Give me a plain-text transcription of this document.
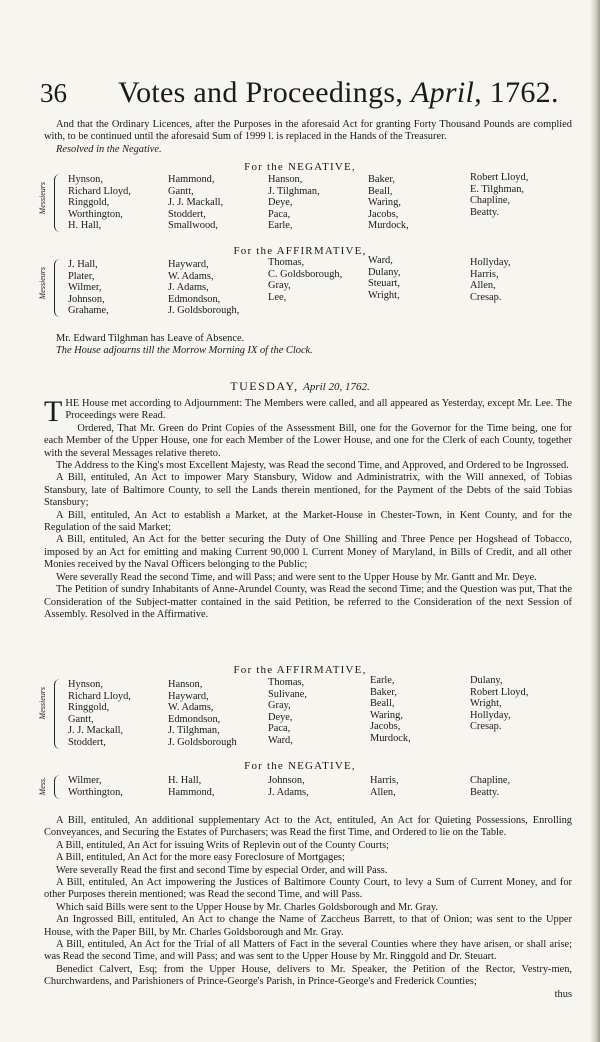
36 Votes and Proceedings, April, 1762.

And that the Ordinary Licences, after the Purposes in the aforesaid Act for granting Forty Thousand Pounds are complied with, to be continued until the aforesaid Sum of 1999 l. is replaced in the Hands of the Treasurer.

Resolved in the Negative.

For the NEGATIVE,
Messieurs
Hynson,
Richard Lloyd,
Ringgold,
Worthington,
H. Hall,
Hammond,
Gantt,
J. J. Mackall,
Stoddert,
Smallwood,
Hanson,
J. Tilghman,
Deye,
Paca,
Earle,
Baker,
Beall,
Waring,
Jacobs,
Murdock,
Robert Lloyd,
E. Tilghman,
Chapline,
Beatty.
For the AFFIRMATIVE,
Messieurs
J. Hall,
Plater,
Wilmer,
Johnson,
Grahame,
Hayward,
W. Adams,
J. Adams,
Edmondson,
J. Goldsborough,
Thomas,
C. Goldsborough,
Gray,
Lee,
Ward,
Dulany,
Steuart,
Wright,
Hollyday,
Harris,
Allen,
Cresap.

Mr. Edward Tilghman has Leave of Absence.

The House adjourns till the Morrow Morning IX of the Clock.

TUESDAY, April 20, 1762.

THE House met according to Adjournment: The Members were called, and all appeared as Yesterday, except Mr. Lee. The Proceedings were Read.

Ordered, That Mr. Green do Print Copies of the Assessment Bill, one for the Governor for the Time being, one for each Member of the Upper House, one for each Member of the Lower House, and one for the Clerk of each County, together with the several Messages relative thereto.

The Address to the King's most Excellent Majesty, was Read the second Time, and Approved, and Ordered to be Ingrossed.

A Bill, entituled, An Act to impower Mary Stansbury, Widow and Administratrix, with the Will annexed, of Tobias Stansbury, late of Baltimore County, to sell the Lands therein mentioned, for the Payment of the Debts of the said Tobias Stansbury;

A Bill, entituled, An Act to establish a Market, at the Market-House in Chester-Town, in Kent County, and for the Regulation of the said Market;

A Bill, entituled, An Act for the better securing the Duty of One Shilling and Three Pence per Hogshead of Tobacco, imposed by an Act for emitting and making Current 90,000 l. Current Money of Maryland, in Bills of Credit, and all other Monies received by the Naval Officers belonging to the Public;

Were severally Read the second Time, and will Pass; and were sent to the Upper House by Mr. Gantt and Mr. Deye.

The Petition of sundry Inhabitants of Anne-Arundel County, was Read the second Time; and the Question was put, That the Consideration of the Subject-matter contained in the said Petition, be referred to the Consideration of the next Session of Assembly. Resolved in the Affirmative.

For the AFFIRMATIVE,
Messieurs
Hynson,
Richard Lloyd,
Ringgold,
Gantt,
J. J. Mackall,
Stoddert,
Hanson,
Hayward,
W. Adams,
Edmondson,
J. Tilghman,
J. Goldsborough
Thomas,
Sulivane,
Gray,
Deye,
Paca,
Ward,
Earle,
Baker,
Beall,
Waring,
Jacobs,
Murdock,
Dulany,
Robert Lloyd,
Wright,
Hollyday,
Cresap.
For the NEGATIVE,
Mess. Wilmer,
Worthington,
H. Hall,
Hammond,
Johnson,
J. Adams,
Harris,
Allen,
Chapline,
Beatty.

A Bill, entituled, An additional supplementary Act to the Act, entituled, An Act for Quieting Possessions, Enrolling Conveyances, and Securing the Estates of Purchasers; was Read the first Time, and Ordered to lie on the Table.

A Bill, entituled, An Act for issuing Writs of Replevin out of the County Courts;

A Bill, entituled, An Act for the more easy Foreclosure of Mortgages;

Were severally Read the first and second Time by especial Order, and will Pass.

A Bill, entituled, An Act impowering the Justices of Baltimore County Court, to levy a Sum of Current Money, and for other Purposes therein mentioned; was Read the second Time, and will Pass.

Which said Bills were sent to the Upper House by Mr. Charles Goldsborough and Mr. Gray.

An Ingrossed Bill, entituled, An Act to change the Name of Zaccheus Barrett, to that of Onion; was sent to the Upper House, with the Paper Bill, by Mr. Charles Goldsborough and Mr. Gray.

A Bill, entituled, An Act for the Trial of all Matters of Fact in the several Counties where they have arisen, or shall arise; was Read the second Time, and will Pass; and was sent to the Upper House by Mr. Ringgold and Dr. Steuart.

Benedict Calvert, Esq; from the Upper House, delivers to Mr. Speaker, the Petition of the Rector, Vestry-men, Churchwardens, and Parishioners of Prince-George's Parish, in Prince-George's and Frederick Counties;

thus
